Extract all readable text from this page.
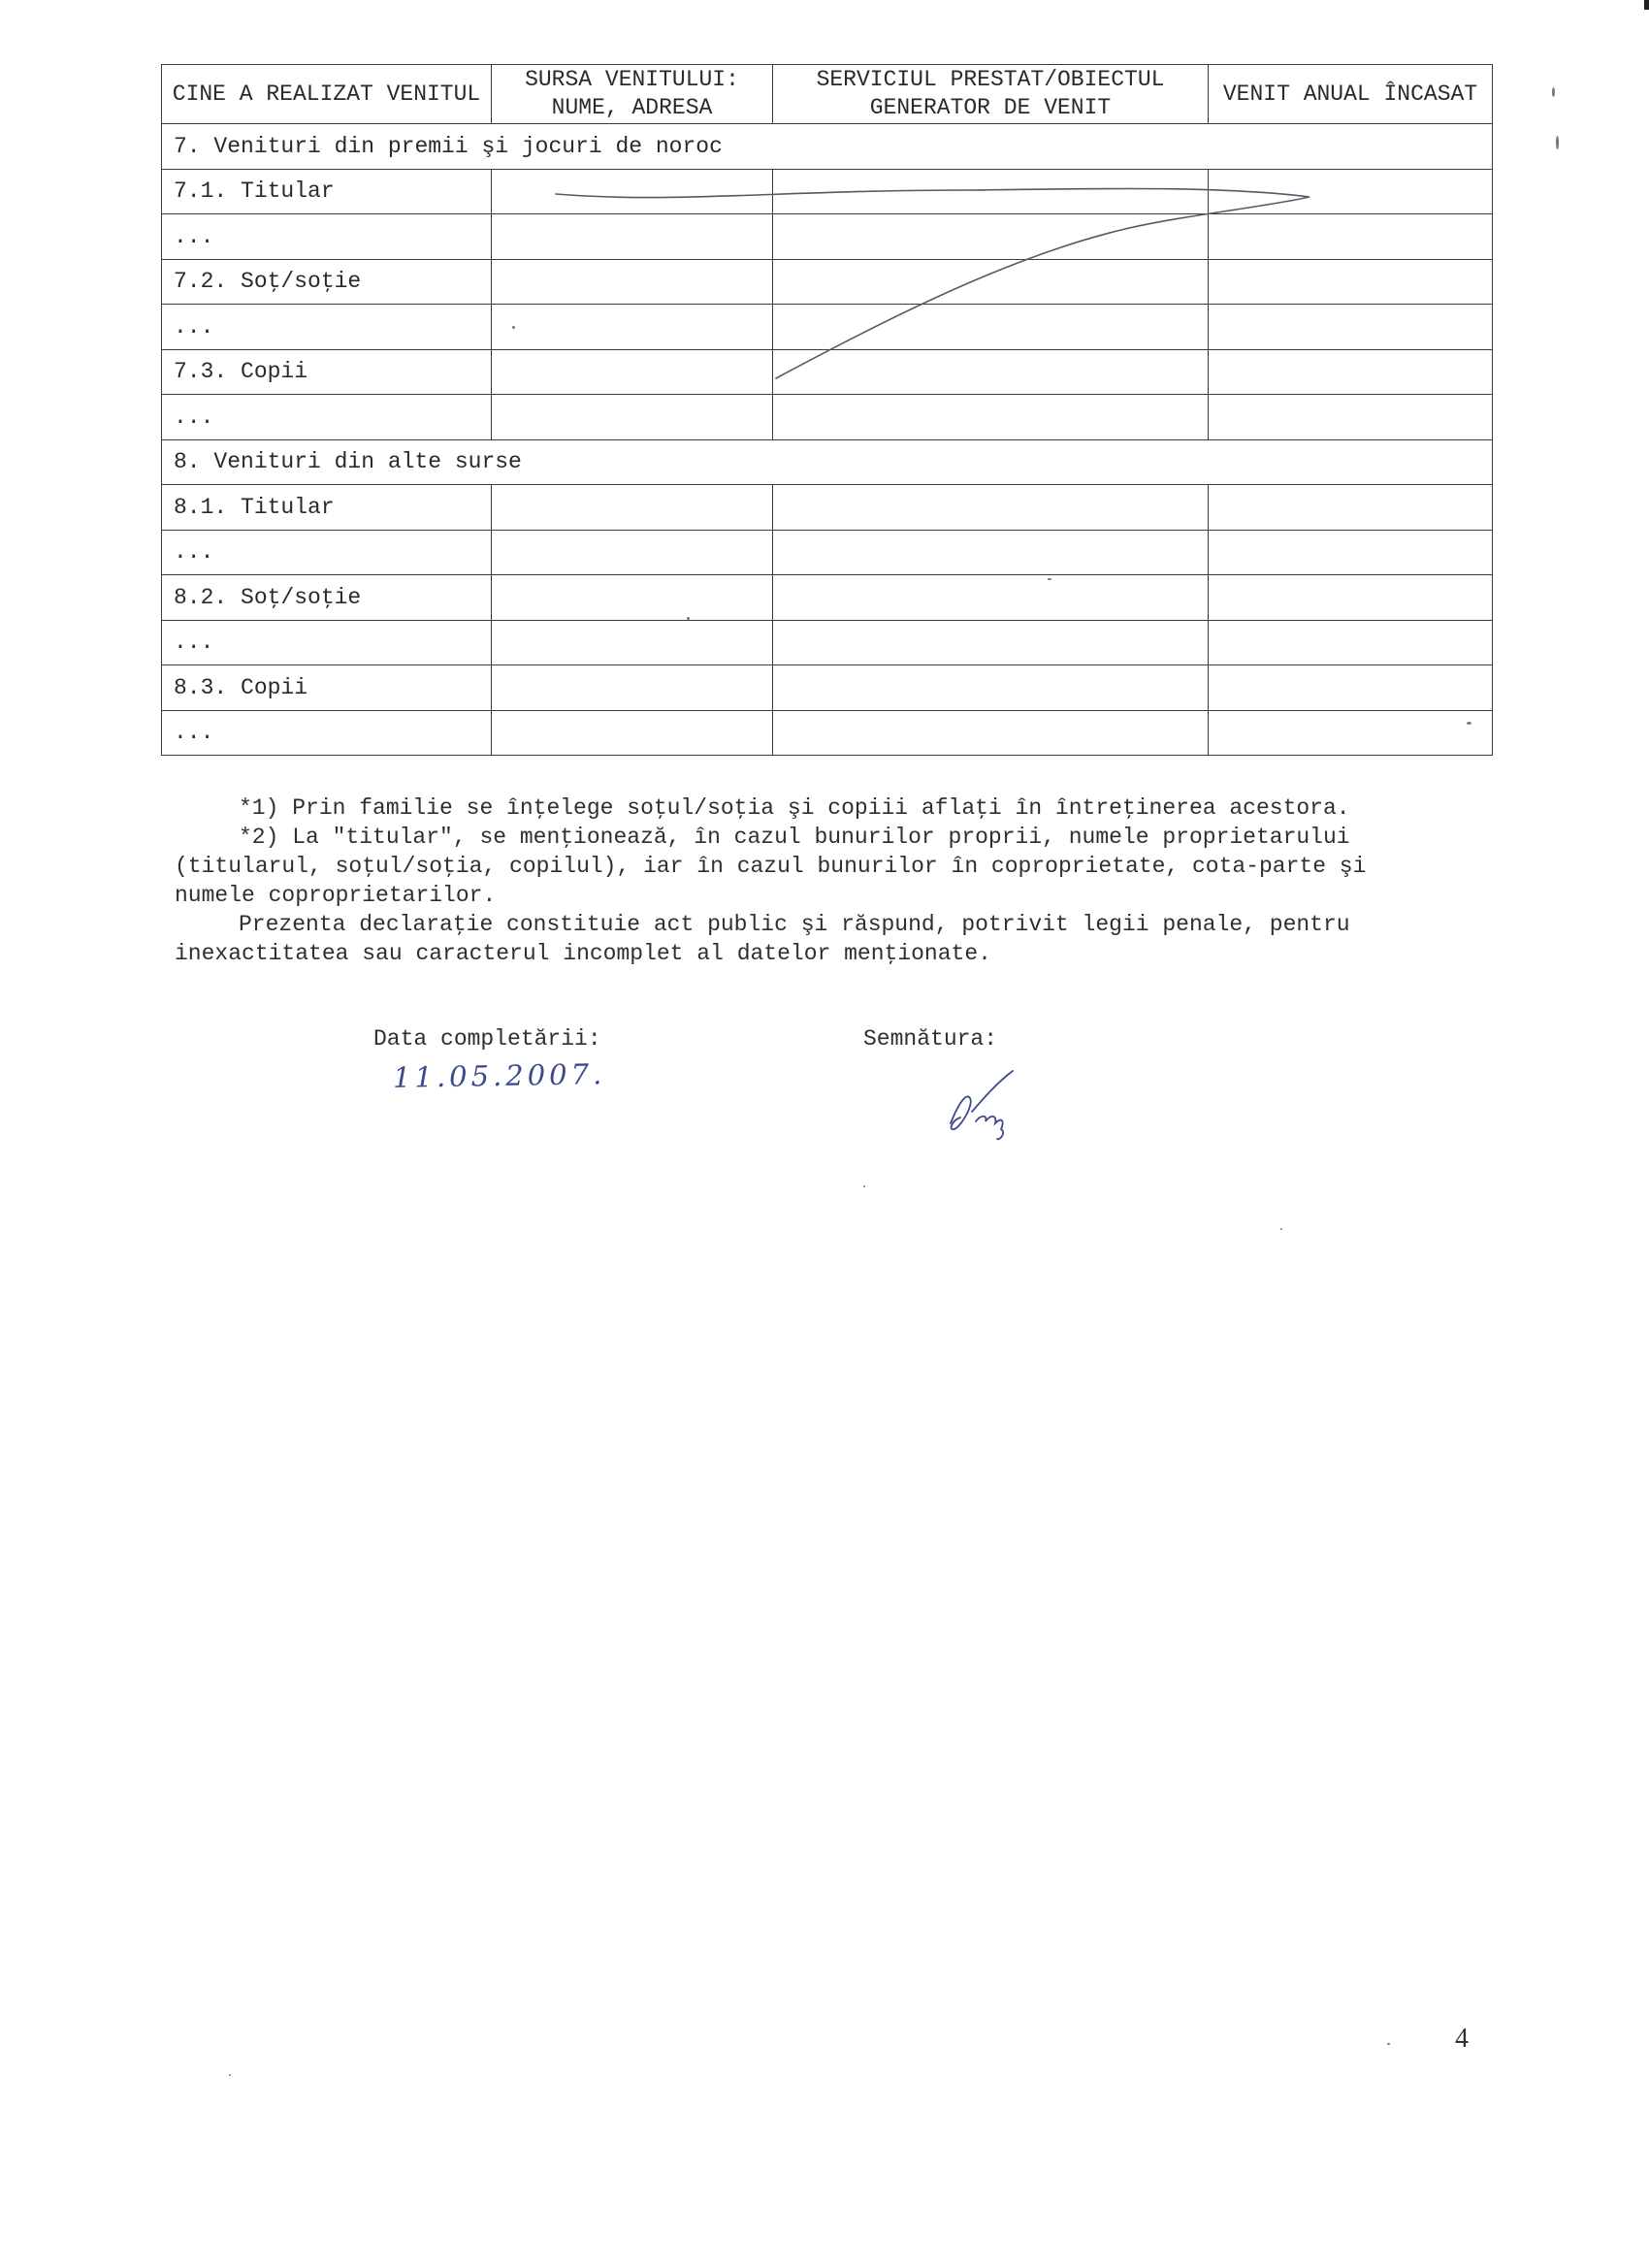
CINE A REALIZAT VENITUL	SURSA VENITULUI: NUME, ADRESA	SERVICIUL PRESTAT/OBIECTUL GENERATOR DE VENIT	VENIT ANUAL ÎNCASAT
7. Venituri din premii şi jocuri de noroc			
7.1. Titular			
...			
7.2. Soţ/soţie			
...			
7.3. Copii			
...			
8. Venituri din alte surse			
8.1. Titular			
...			
8.2. Soţ/soţie			
...			
8.3. Copii			
...			

*1) Prin familie se înţelege soţul/soţia şi copiii aflaţi în întreţinerea acestora.

*2) La "titular", se menţionează, în cazul bunurilor proprii, numele proprietarului (titularul, soţul/soţia, copilul), iar în cazul bunurilor în coproprietate, cota-parte şi numele coproprietarilor.

Prezenta declaraţie constituie act public şi răspund, potrivit legii penale, pentru inexactitatea sau caracterul incomplet al datelor menţionate.

Data completării:	Semnătura:
11.05.2007.
4
